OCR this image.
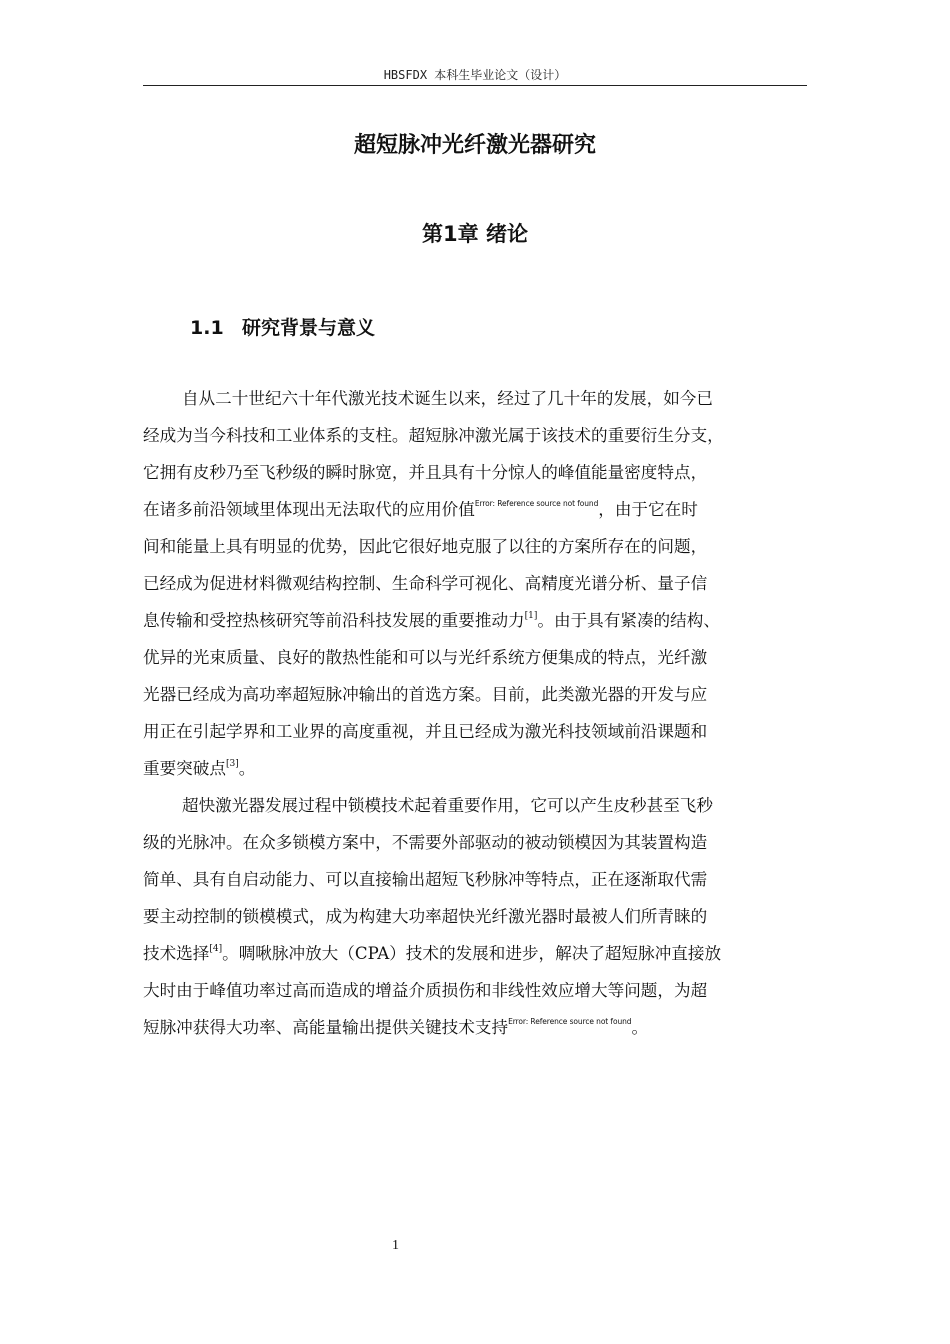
HBSFDX 本科生毕业论文（设计）
超短脉冲光纤激光器研究
第1章 绪论
1.1 研究背景与意义
自从二十世纪六十年代激光技术诞生以来，经过了几十年的发展，如今已
经成为当今科技和工业体系的支柱。超短脉冲激光属于该技术的重要衍生分支，
它拥有皮秒乃至飞秒级的瞬时脉宽，并且具有十分惊人的峰值能量密度特点，
在诸多前沿领域里体现出无法取代的应用价值$^{Error: Reference source not found}$，由于它在时
间和能量上具有明显的优势，因此它很好地克服了以往的方案所存在的问题，
已经成为促进材料微观结构控制、生命科学可视化、高精度光谱分析、量子信
息传输和受控热核研究等前沿科技发展的重要推动力[1]。由于具有紧凑的结构、
优异的光束质量、良好的散热性能和可以与光纤系统方便集成的特点，光纤激
光器已经成为高功率超短脉冲输出的首选方案。目前，此类激光器的开发与应
用正在引起学界和工业界的高度重视，并且已经成为激光科技领域前沿课题和
重要突破点[3]。
超快激光器发展过程中锁模技术起着重要作用，它可以产生皮秒甚至飞秒
级的光脉冲。在众多锁模方案中，不需要外部驱动的被动锁模因为其装置构造
简单、具有自启动能力、可以直接输出超短飞秒脉冲等特点，正在逐渐取代需
要主动控制的锁模模式，成为构建大功率超快光纤激光器时最被人们所青睐的
技术选择[4]。啁啾脉冲放大（CPA）技术的发展和进步，解决了超短脉冲直接放
大时由于峰值功率过高而造成的增益介质损伤和非线性效应增大等问题，为超
短脉冲获得大功率、高能量输出提供关键技术支持$^{Error: Reference source not found}$。
1
